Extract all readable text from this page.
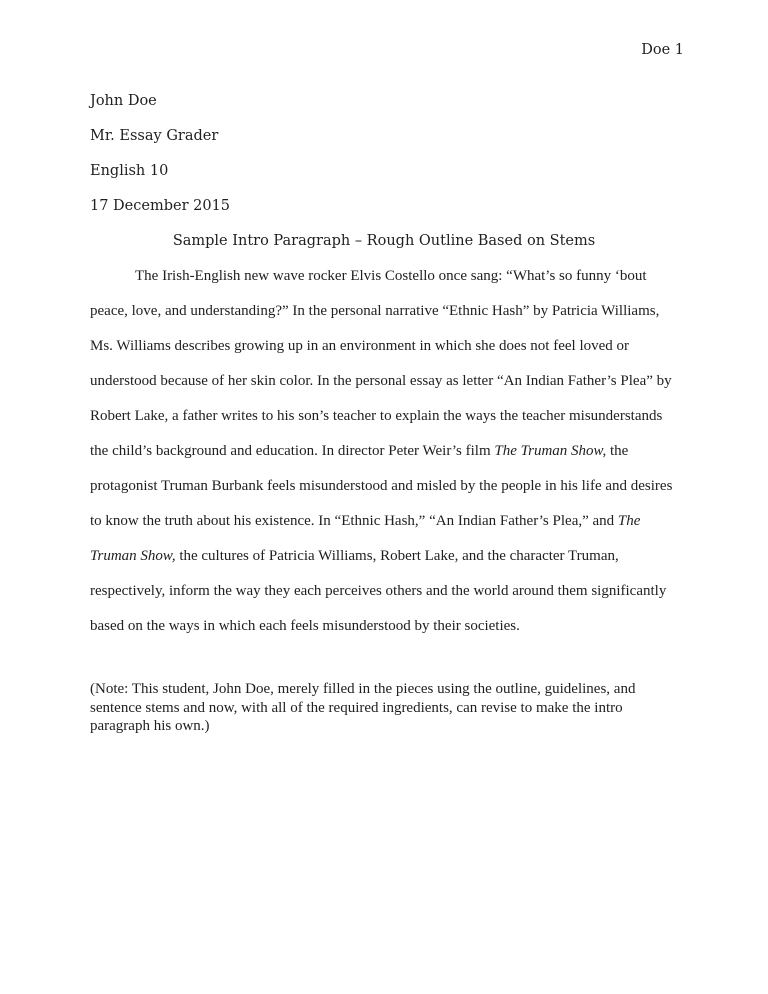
Doe 1
John Doe
Mr. Essay Grader
English 10
17 December 2015
Sample Intro Paragraph – Rough Outline Based on Stems
The Irish-English new wave rocker Elvis Costello once sang: “What’s so funny ‘bout
peace, love, and understanding?” In the personal narrative “Ethnic Hash” by Patricia Williams,
Ms. Williams describes growing up in an environment in which she does not feel loved or
understood because of her skin color. In the personal essay as letter “An Indian Father’s Plea” by
Robert Lake, a father writes to his son’s teacher to explain the ways the teacher misunderstands
the child’s background and education. In director Peter Weir’s film The Truman Show, the
protagonist Truman Burbank feels misunderstood and misled by the people in his life and desires
to know the truth about his existence. In “Ethnic Hash,” “An Indian Father’s Plea,” and The
Truman Show, the cultures of Patricia Williams, Robert Lake, and the character Truman,
respectively, inform the way they each perceives others and the world around them significantly
based on the ways in which each feels misunderstood by their societies.
(Note: This student, John Doe, merely filled in the pieces using the outline, guidelines, and
sentence stems and now, with all of the required ingredients, can revise to make the intro
paragraph his own.)
